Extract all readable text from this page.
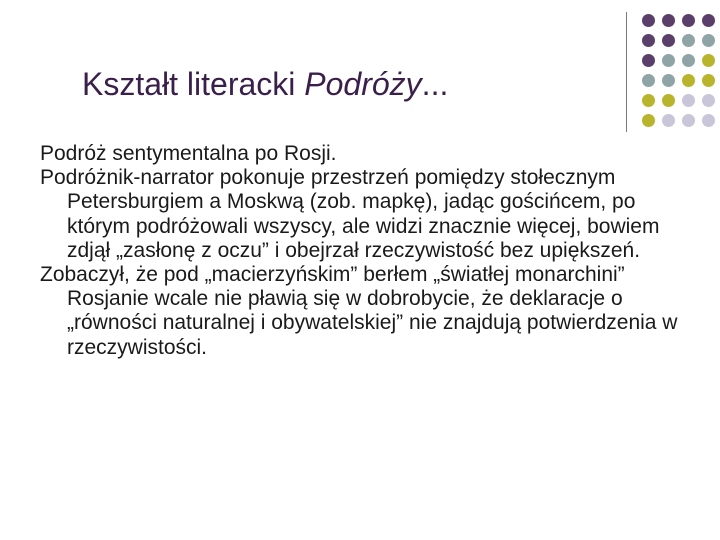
Kształt literacki Podróży...

Podróż sentymentalna po Rosji.

Podróżnik-narrator pokonuje przestrzeń pomiędzy stołecznym Petersburgiem a Moskwą (zob. mapkę), jadąc gościńcem, po którym podróżowali wszyscy, ale widzi znacznie więcej, bowiem zdjął „zasłonę z oczu” i obejrzał rzeczywistość bez upiększeń.

Zobaczył, że pod „macierzyńskim” berłem „światłej monarchini” Rosjanie wcale nie pławią się w dobrobycie, że deklaracje o „równości naturalnej i obywatelskiej” nie znajdują potwierdzenia w rzeczywistości.
